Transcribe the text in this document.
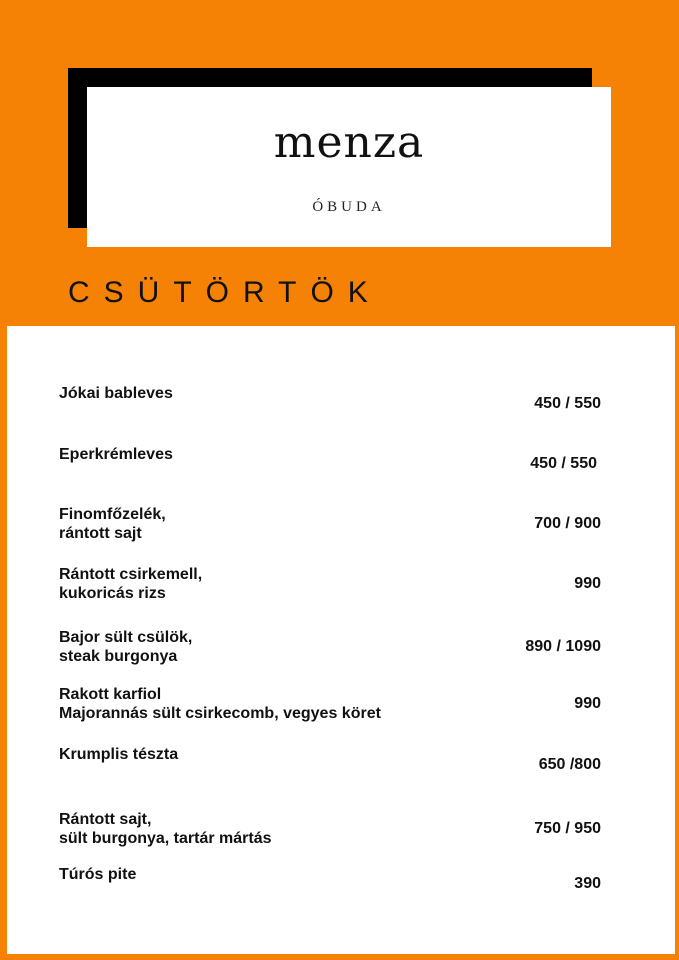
menza
ÓBUDA
CSÜTÖRTÖK
Jókai bableves
450 / 550
Eperkrémleves
450 / 550
Finomfőzelék,
rántott sajt
700 / 900
Rántott csirkemell,
kukoricás rizs
990
Bajor sült csülök,
steak burgonya
890 / 1090
Rakott karfiol
Majorannás sült csirkecomb, vegyes köret
990
Krumplis tészta
650 /800
Rántott sajt,
sült burgonya, tartár mártás
750 / 950
Túrós pite
390
